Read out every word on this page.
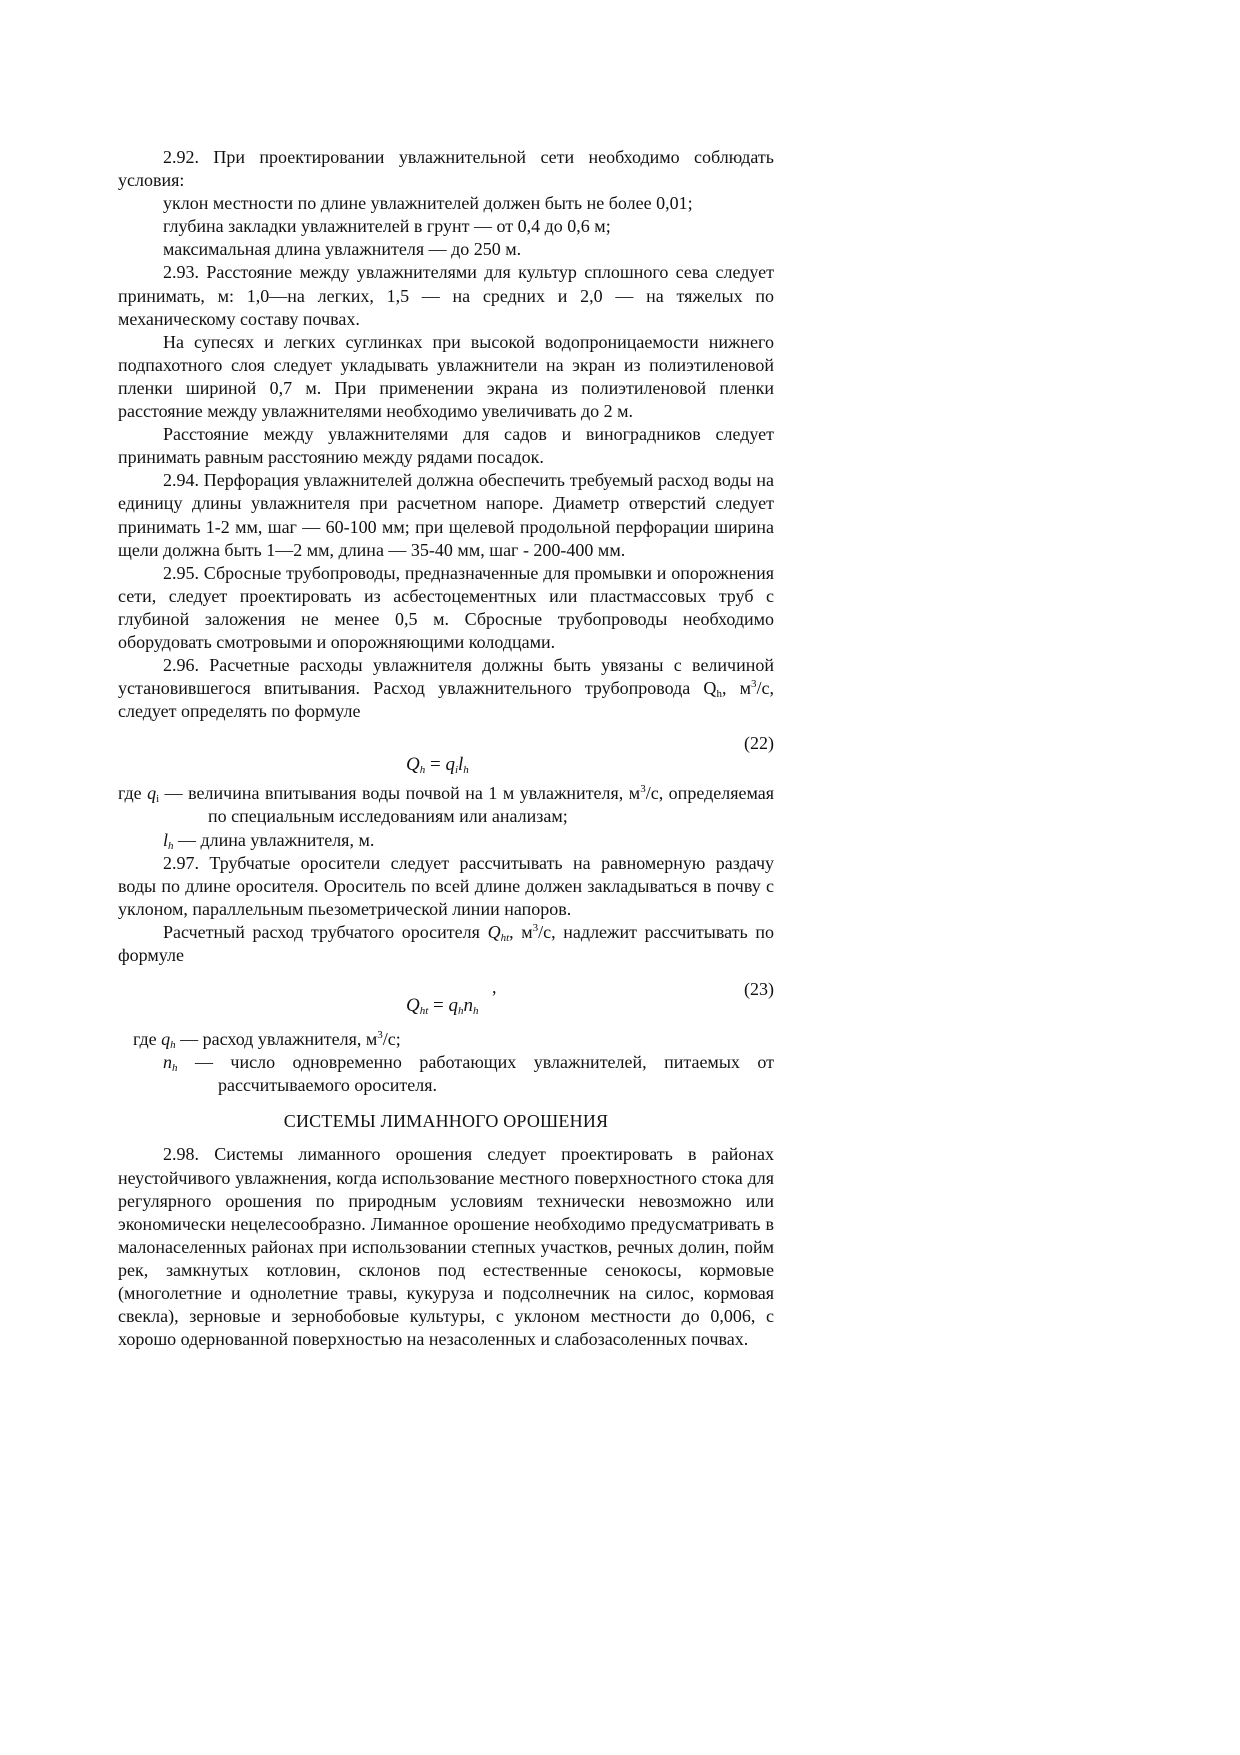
2.92. При проектировании увлажнительной сети необходимо соблюдать условия:

уклон местности по длине увлажнителей должен быть не более 0,01;

глубина закладки увлажнителей в грунт — от 0,4 до 0,6 м;

максимальная длина увлажнителя — до 250 м.

2.93. Расстояние между увлажнителями для культур сплошного сева следует принимать, м: 1,0—на легких, 1,5 — на средних и 2,0 — на тяжелых по механическому составу почвах.

На супесях и легких суглинках при высокой водопроницаемости нижнего подпахотного слоя следует укладывать увлажнители на экран из полиэтиленовой пленки шириной 0,7 м. При применении экрана из полиэтиленовой пленки расстояние между увлажнителями необходимо увеличивать до 2 м.

Расстояние между увлажнителями для садов и виноградников следует принимать равным расстоянию между рядами посадок.

2.94. Перфорация увлажнителей должна обеспечить требуемый расход воды на единицу длины увлажнителя при расчетном напоре. Диаметр отверстий следует принимать 1-2 мм, шаг — 60-100 мм; при щелевой продольной перфорации ширина щели должна быть 1—2 мм, длина — 35-40 мм, шаг - 200-400 мм.

2.95. Сбросные трубопроводы, предназначенные для промывки и опорожнения сети, следует проектировать из асбестоцементных или пластмассовых труб с глубиной заложения не менее 0,5 м. Сбросные трубопроводы необходимо оборудовать смотровыми и опорожняющими колодцами.

2.96. Расчетные расходы увлажнителя должны быть увязаны с величиной установившегося впитывания. Расход увлажнительного трубопровода $Q_h$, $м^3/с$, следует определять по формуле

(22)
$Q_h = q_il_h$

где $q_i$ — величина впитывания воды почвой на 1 м увлажнителя, $м^3/с$, определяемая по специальным исследованиям или анализам;

$l_h$ — длина увлажнителя, м.

2.97. Трубчатые оросители следует рассчитывать на равномерную раздачу воды по длине оросителя. Ороситель по всей длине должен закладываться в почву с уклоном, параллельным пьезометрической линии напоров.

Расчетный расход трубчатого оросителя $Q_{ht}$, $м^3/с$, надлежит рассчитывать по формуле

(23)
,
$Q_{ht} = q_hn_h$

где $q_h$ — расход увлажнителя, $м^3/с$;

$n_h$ — число одновременно работающих увлажнителей, питаемых от рассчитываемого оросителя.

СИСТЕМЫ ЛИМАННОГО ОРОШЕНИЯ

2.98. Системы лиманного орошения следует проектировать в районах неустойчивого увлажнения, когда использование местного поверхностного стока для регулярного орошения по природным условиям технически невозможно или экономически нецелесообразно. Лиманное орошение необходимо предусматривать в малонаселенных районах при использовании степных участков, речных долин, пойм рек, замкнутых котловин, склонов под естественные сенокосы, кормовые (многолетние и однолетние травы, кукуруза и подсолнечник на силос, кормовая свекла), зерновые и зернобобовые культуры, с уклоном местности до 0,006, с хорошо одернованной поверхностью на незасоленных и слабозасоленных почвах.
